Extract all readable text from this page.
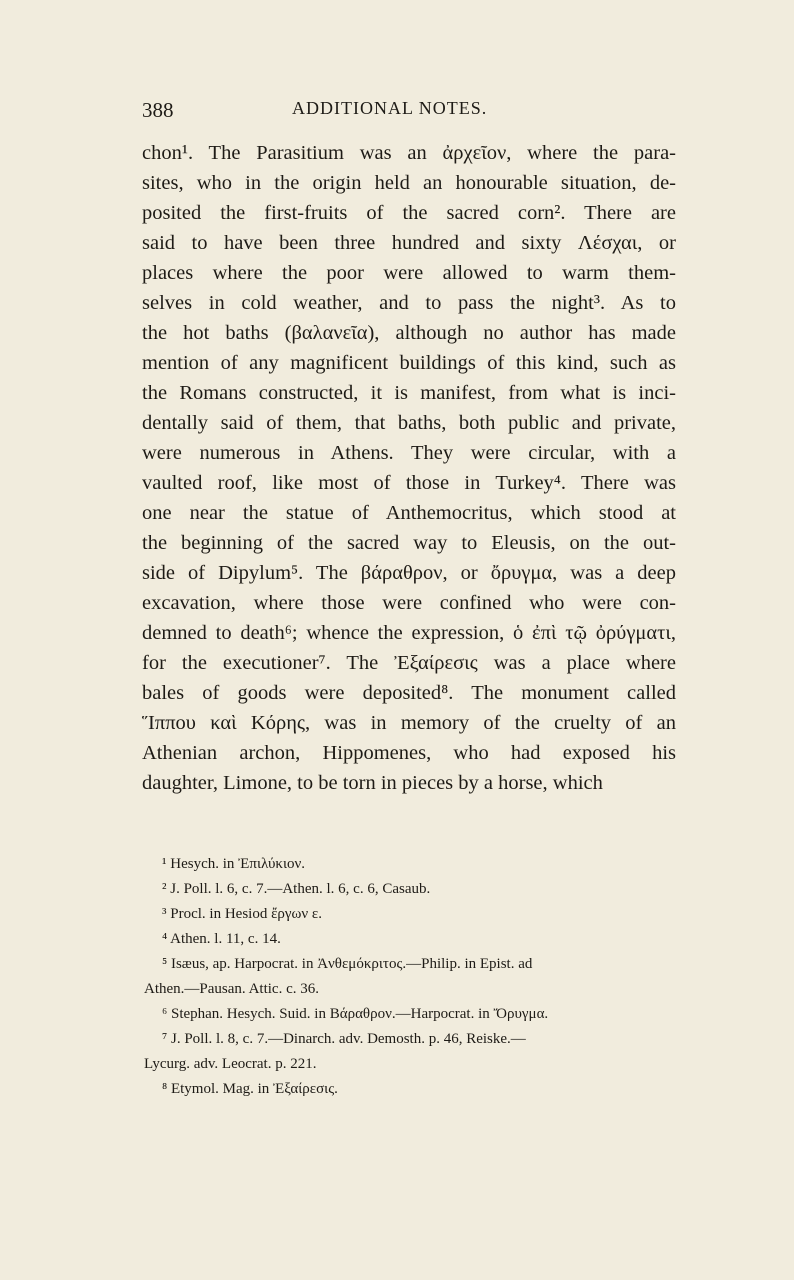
388	ADDITIONAL NOTES.
chon¹. The Parasitium was an ἀρχεῖον, where the para-
sites, who in the origin held an honourable situation, de-
posited the first-fruits of the sacred corn². There are
said to have been three hundred and sixty Λέσχαι, or
places where the poor were allowed to warm them-
selves in cold weather, and to pass the night³. As to
the hot baths (βαλανεῖα), although no author has made
mention of any magnificent buildings of this kind, such as
the Romans constructed, it is manifest, from what is inci-
dentally said of them, that baths, both public and private,
were numerous in Athens. They were circular, with a
vaulted roof, like most of those in Turkey⁴. There was
one near the statue of Anthemocritus, which stood at
the beginning of the sacred way to Eleusis, on the out-
side of Dipylum⁵. The βάραθρον, or ὄρυγμα, was a deep
excavation, where those were confined who were con-
demned to death⁶; whence the expression, ὁ ἐπὶ τῷ ὀρύγματι,
for the executioner⁷. The Ἐξαίρεσις was a place where
bales of goods were deposited⁸. The monument called
Ἵππου καὶ Κόρης, was in memory of the cruelty of an
Athenian archon, Hippomenes, who had exposed his
daughter, Limone, to be torn in pieces by a horse, which
¹ Hesych. in Ἐπιλύκιον.
² J. Poll. l. 6, c. 7.—Athen. l. 6, c. 6, Casaub.
³ Procl. in Hesiod ἔργων ε.
⁴ Athen. l. 11, c. 14.
⁵ Isæus, ap. Harpocrat. in Ἀνθεμόκριτος.—Philip. in Epist. ad
Athen.—Pausan. Attic. c. 36.
⁶ Stephan. Hesych. Suid. in Βάραθρον.—Harpocrat. in Ὄρυγμα.
⁷ J. Poll. l. 8, c. 7.—Dinarch. adv. Demosth. p. 46, Reiske.—
Lycurg. adv. Leocrat. p. 221.
⁸ Etymol. Mag. in Ἐξαίρεσις.
